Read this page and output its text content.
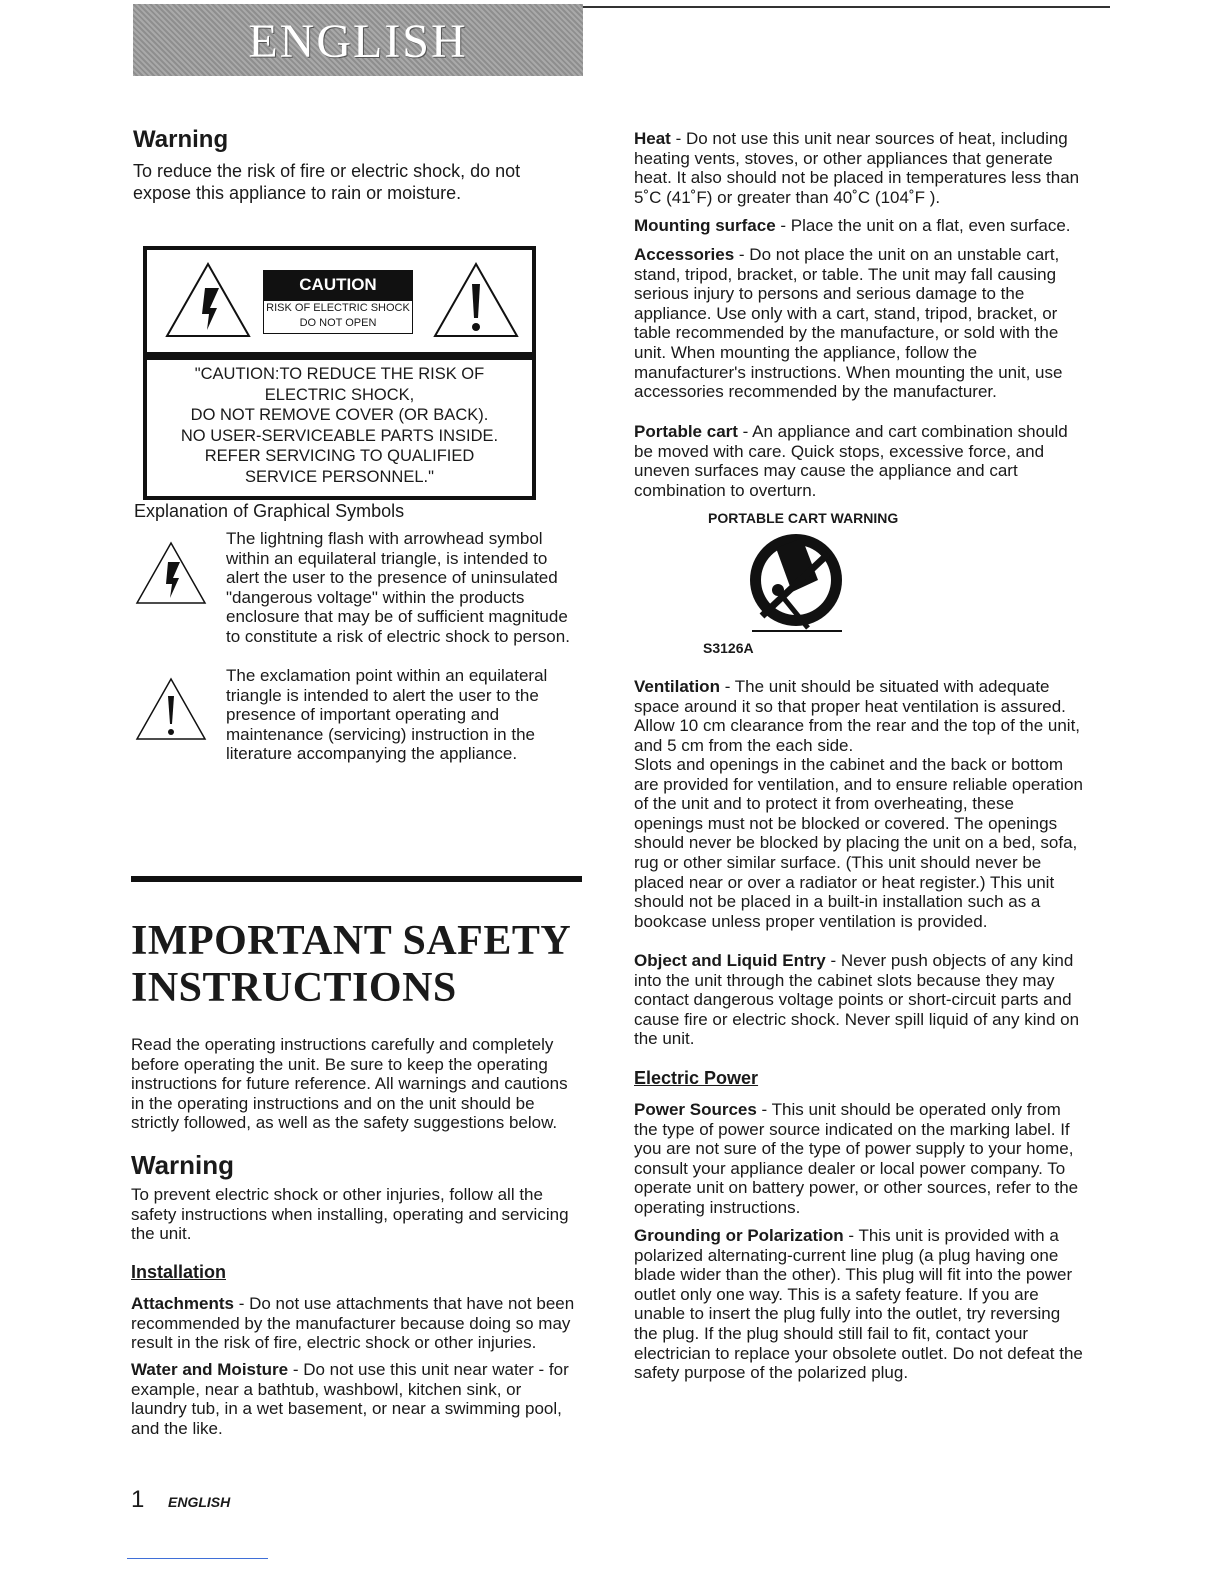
ENGLISH
Warning
To reduce the risk of fire or electric shock, do not expose this appliance to rain or moisture.
CAUTION
RISK OF ELECTRIC SHOCK
DO NOT OPEN
"CAUTION:TO REDUCE THE RISK OF
ELECTRIC SHOCK,
DO NOT REMOVE COVER (OR BACK).
NO USER-SERVICEABLE PARTS INSIDE.
REFER SERVICING TO QUALIFIED
SERVICE PERSONNEL."
Explanation of Graphical Symbols
The lightning flash with arrowhead symbol within an equilateral triangle, is intended to alert the user to the presence of uninsulated "dangerous voltage" within the products enclosure that may be of sufficient magnitude to constitute a risk of electric shock to person.
The exclamation point within an equilateral triangle is intended to alert the user to the presence of important operating and maintenance (servicing) instruction in the literature accompanying the appliance.
IMPORTANT SAFETY
INSTRUCTIONS
Read the operating instructions carefully and completely before operating the unit. Be sure to keep the operating instructions for future reference. All warnings and cautions in the operating instructions and on the unit should be strictly followed, as well as the safety suggestions below.
Warning
To prevent electric shock or other injuries, follow all the safety instructions when installing, operating and servicing the unit.
Installation
Attachments - Do not use attachments that have not been recommended by the manufacturer because doing so may result in the risk of fire, electric shock or other injuries.
Water and Moisture - Do not use this unit near water - for example, near a bathtub, washbowl, kitchen sink, or laundry tub, in a wet basement, or near a swimming pool, and the like.
Heat - Do not use this unit near sources of heat, including heating vents, stoves, or other appliances that generate heat. It also should not be placed in temperatures less than 5˚C (41˚F) or greater than 40˚C (104˚F ).
Mounting surface - Place the unit on a flat, even surface.
Accessories - Do not place the unit on an unstable cart, stand, tripod, bracket, or table. The unit may fall causing serious injury to persons and serious damage to the appliance. Use only with a cart, stand, tripod, bracket, or table recommended by the manufacture, or sold with the unit. When mounting the appliance, follow the manufacturer's instructions. When mounting the unit, use accessories recommended by the manufacturer.
Portable cart - An appliance and cart combination should be moved with care. Quick stops, excessive force, and uneven surfaces may cause the appliance and cart combination to overturn.
PORTABLE CART WARNING
S3126A
Ventilation - The unit should be situated with adequate space around it so that proper heat ventilation is assured. Allow 10 cm clearance from the rear and the top of the unit, and 5 cm from the each side.
Slots and openings in the cabinet and the back or bottom are provided for ventilation, and to ensure reliable operation of the unit and to protect it from overheating, these openings must not be blocked or covered. The openings should never be blocked by placing the unit on a bed, sofa, rug or other similar surface. (This unit should never be placed near or over a radiator or heat register.) This unit should not be placed in a built-in installation such as a bookcase unless proper ventilation is provided.
Object and Liquid Entry - Never push objects of any kind into the unit through the cabinet slots because they may contact dangerous voltage points or short-circuit parts and cause fire or electric shock. Never spill liquid of any kind on the unit.
Electric Power
Power Sources - This unit should be operated only from the type of power source indicated on the marking label. If you are not sure of the type of power supply to your home, consult your appliance dealer or local power company. To operate unit on battery power, or other sources, refer to the operating instructions.
Grounding or Polarization - This unit is provided with a polarized alternating-current line plug (a plug having one blade wider than the other). This plug will fit into the power outlet only one way. This is a safety feature. If you are unable to insert the plug fully into the outlet, try reversing the plug. If the plug should still fail to fit, contact your electrician to replace your obsolete outlet. Do not defeat the safety purpose of the polarized plug.
1 ENGLISH
